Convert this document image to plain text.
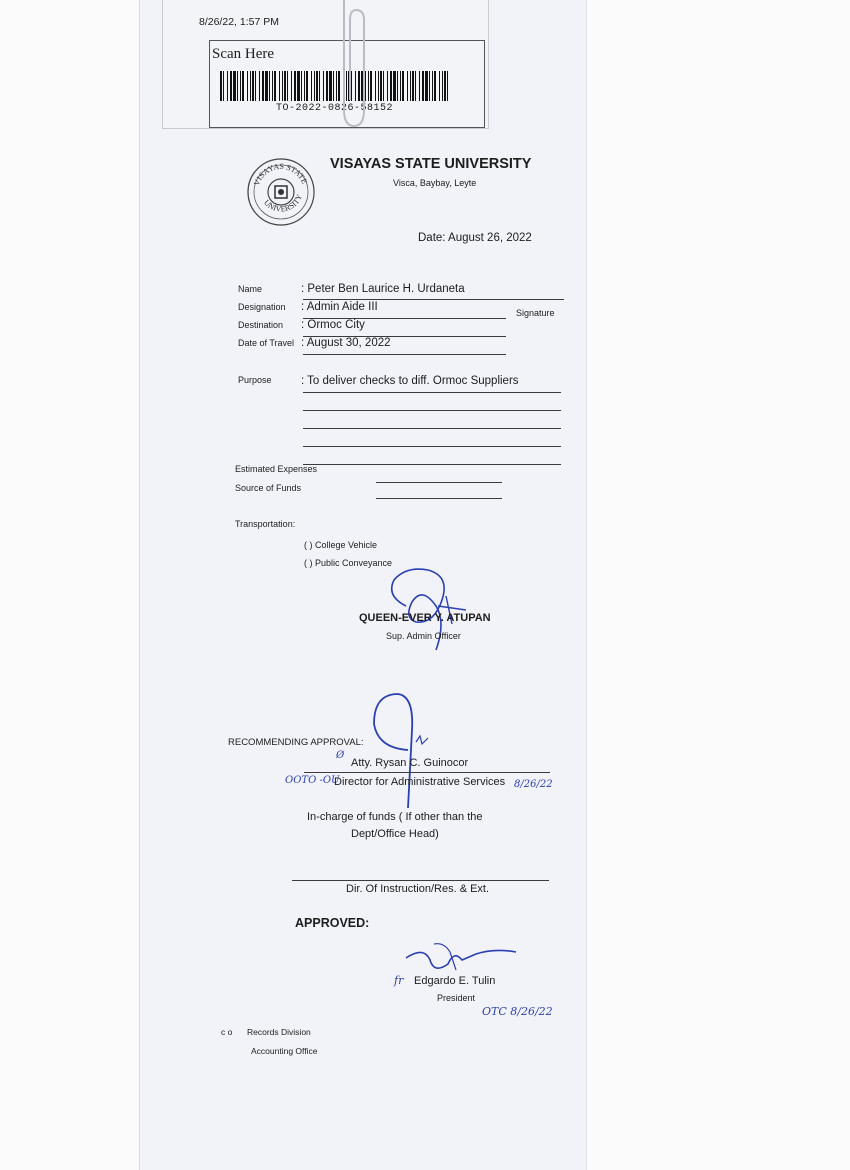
8/26/22, 1:57 PM
Scan Here
TO-2022-0826-58152
VISAYAS STATE
UNIVERSITY
VISAYAS STATE UNIVERSITY
Visca, Baybay, Leyte
Date: August 26, 2022
Name	: Peter Ben Laurice H. Urdaneta
Designation : Admin Aide III	Signature
Destination : Ormoc City
Date of Travel : August 30, 2022
Purpose	: To deliver checks to diff. Ormoc Suppliers
Estimated Expenses
Source of Funds
Transportation:
( ) College Vehicle
( ) Public Conveyance
QUEEN-EVER Y. ATUPAN
Sup. Admin Officer
RECOMMENDING APPROVAL:
Ø
Atty. Rysan C. Guinocor
OOTO -OU
Director for Administrative Services 8/26/22
In-charge of funds ( If other than the
Dept/Office Head)
Dir. Of Instruction/Res. & Ext.
APPROVED:
fr Edgardo E. Tulin
President
OTC 8/26/22
c o Records Division
Accounting Office
